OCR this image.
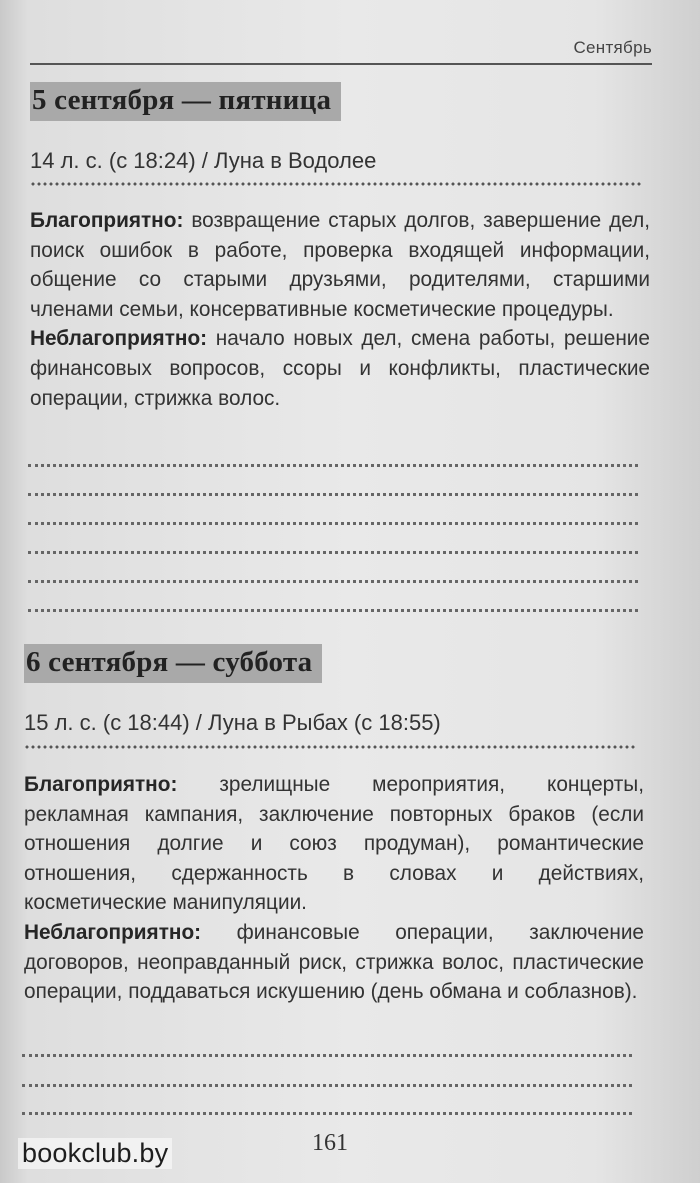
Сентябрь
5 сентября — пятница
14 л. с. (с 18:24) / Луна в Водолее
Благоприятно: возвращение старых долгов, завершение дел, поиск ошибок в работе, проверка входящей информации, общение со старыми друзьями, родителями, старшими членами семьи, консервативные косметические процедуры.
Неблагоприятно: начало новых дел, смена работы, решение финансовых вопросов, ссоры и конфликты, пластические операции, стрижка волос.
6 сентября — суббота
15 л. с. (с 18:44) / Луна в Рыбах (с 18:55)
Благоприятно: зрелищные мероприятия, концерты, рекламная кампания, заключение повторных браков (если отношения долгие и союз продуман), романтические отношения, сдержанность в словах и действиях, косметические манипуляции.
Неблагоприятно: финансовые операции, заключение договоров, неоправданный риск, стрижка волос, пластические операции, поддаваться искушению (день обмана и соблазнов).
161
bookclub.by
